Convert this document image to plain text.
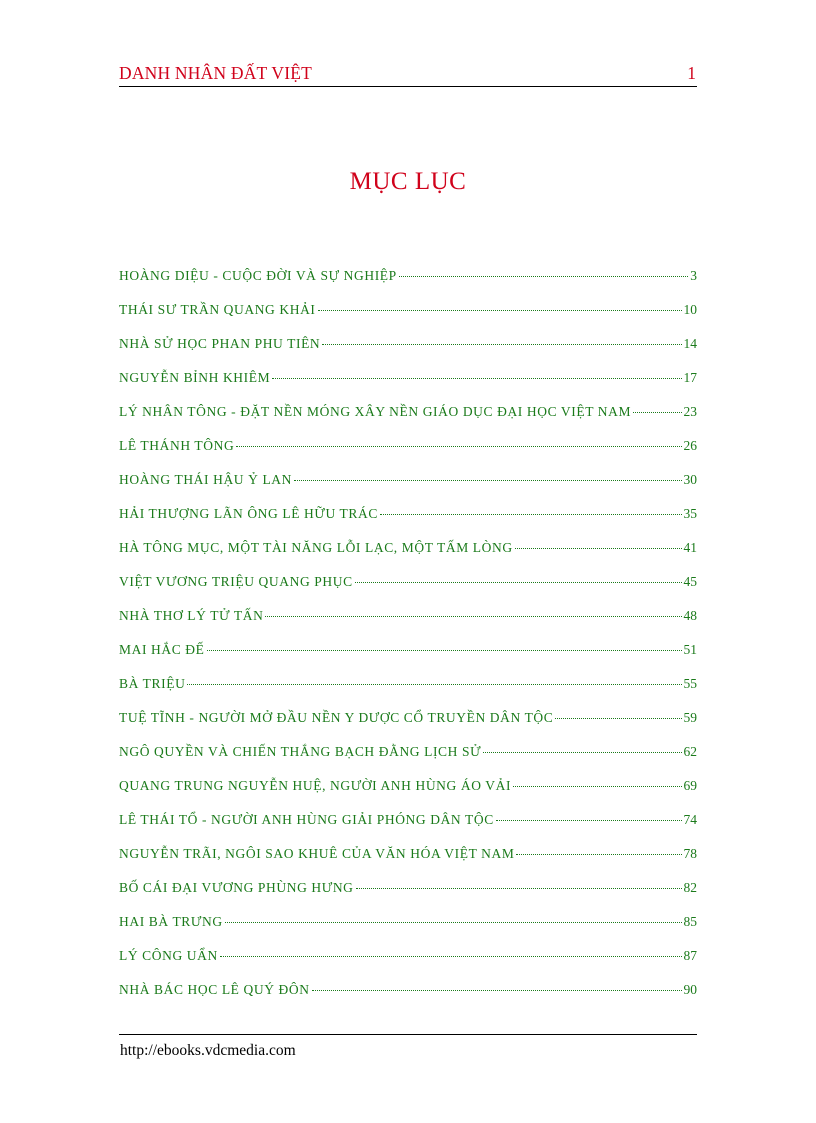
DANH NHÂN ĐẤT VIỆT	1
MỤC LỤC
HOÀNG DIỆU - CUỘC ĐỜI VÀ SỰ NGHIỆP	3
THÁI SƯ TRẦN QUANG KHẢI	10
NHÀ SỬ HỌC PHAN PHU TIÊN	14
NGUYỄN BỈNH KHIÊM	17
LÝ NHÂN TÔNG - ĐẶT NỀN MÓNG XÂY NỀN GIÁO DỤC ĐẠI HỌC VIỆT NAM	23
LÊ THÁNH TÔNG	26
HOÀNG THÁI HẬU Ỷ LAN	30
HẢI THƯỢNG LÃN ÔNG LÊ HỮU TRÁC	35
HÀ TÔNG MỤC, MỘT TÀI NĂNG LỖI LẠC, MỘT TẤM LÒNG	41
VIỆT VƯƠNG TRIỆU QUANG PHỤC	45
NHÀ THƠ LÝ TỬ TẤN	48
MAI HẮC ĐẾ	51
BÀ TRIỆU	55
TUỆ TĨNH - NGƯỜI MỞ ĐẦU NỀN Y DƯỢC CỔ TRUYỀN DÂN TỘC	59
NGÔ QUYỀN VÀ CHIẾN THẮNG BẠCH ĐẰNG LỊCH SỬ	62
QUANG TRUNG NGUYỄN HUỆ, NGƯỜI ANH HÙNG ÁO VẢI	69
LÊ THÁI TỔ - NGƯỜI ANH HÙNG GIẢI PHÓNG DÂN TỘC	74
NGUYỄN TRÃI, NGÔI SAO KHUÊ CỦA VĂN HÓA VIỆT NAM	78
BỐ CÁI ĐẠI VƯƠNG PHÙNG HƯNG	82
HAI BÀ TRƯNG	85
LÝ CÔNG UẨN	87
NHÀ BÁC HỌC LÊ QUÝ ĐÔN	90
http://ebooks.vdcmedia.com
